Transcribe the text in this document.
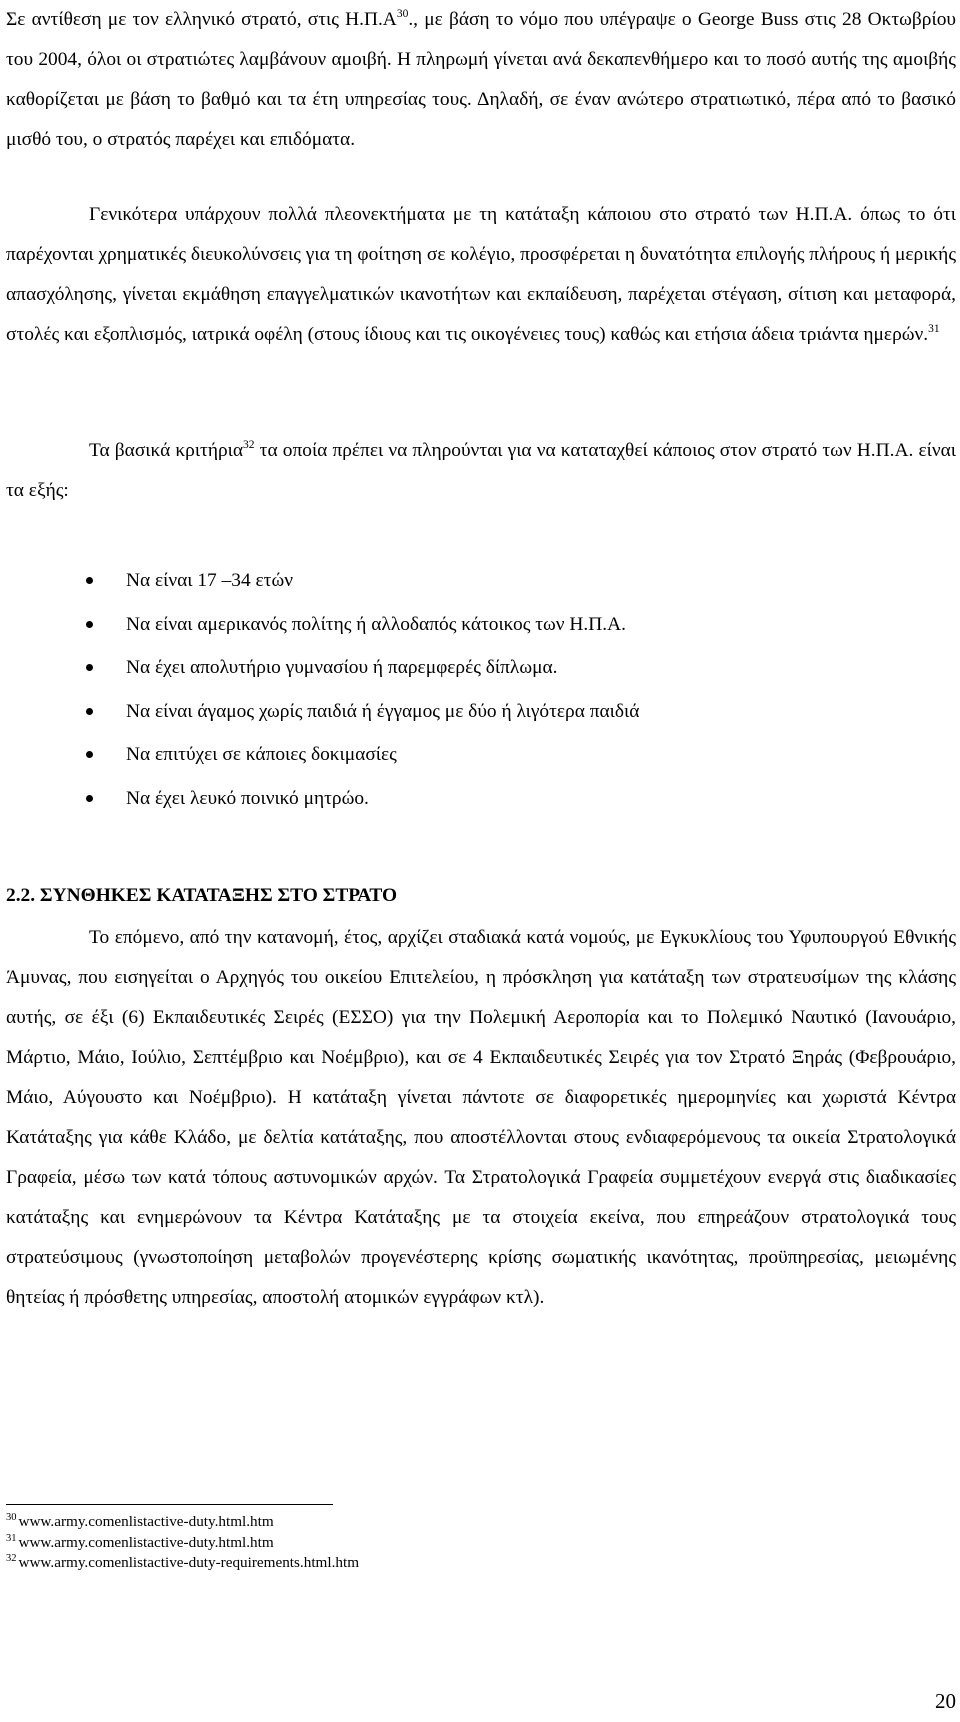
Σε αντίθεση με τον ελληνικό στρατό, στις $H.\Pi.A^{30}$., με βάση το νόμο που υπέγραψε ο George Buss στις 28 Οκτωβρίου του 2004, όλοι οι στρατιώτες λαμβάνουν αμοιβή. Η πληρωμή γίνεται ανά δεκαπενθήμερο και το ποσό αυτής της αμοιβής καθορίζεται με βάση το βαθμό και τα έτη υπηρεσίας τους. Δηλαδή, σε έναν ανώτερο στρατιωτικό, πέρα από το βασικό μισθό του, ο στρατός παρέχει και επιδόματα.

Γενικότερα υπάρχουν πολλά πλεονεκτήματα με τη κατάταξη κάποιου στο στρατό των Η.Π.Α. όπως το ότι παρέχονται χρηματικές διευκολύνσεις για τη φοίτηση σε κολέγιο, προσφέρεται η δυνατότητα επιλογής πλήρους ή μερικής απασχόλησης, γίνεται εκμάθηση επαγγελματικών ικανοτήτων και εκπαίδευση, παρέχεται στέγαση, σίτιση και μεταφορά, στολές και εξοπλισμός, ιατρικά οφέλη (στους ίδιους και τις οικογένειες τους) καθώς και ετήσια άδεια τριάντα ημερών.$^{31}$

Τα βασικά κριτήρια$^{32}$ τα οποία πρέπει να πληρούνται για να καταταχθεί κάποιος στον στρατό των Η.Π.Α. είναι τα εξής:

Να είναι 17 –34 ετών
Να είναι αμερικανός πολίτης ή αλλοδαπός κάτοικος των Η.Π.Α.
Να έχει απολυτήριο γυμνασίου ή παρεμφερές δίπλωμα.
Να είναι άγαμος χωρίς παιδιά ή έγγαμος με δύο ή λιγότερα παιδιά
Να επιτύχει σε κάποιες δοκιμασίες
Να έχει λευκό ποινικό μητρώο.
2.2. ΣΥΝΘΗΚΕΣ ΚΑΤΑΤΑΞΗΣ ΣΤΟ ΣΤΡΑΤΟ

Το επόμενο, από την κατανομή, έτος, αρχίζει σταδιακά κατά νομούς, με Εγκυκλίους του Υφυπουργού Εθνικής Άμυνας, που εισηγείται ο Αρχηγός του οικείου Επιτελείου, η πρόσκληση για κατάταξη των στρατευσίμων της κλάσης αυτής, σε έξι (6) Εκπαιδευτικές Σειρές (ΕΣΣΟ) για την Πολεμική Αεροπορία και το Πολεμικό Ναυτικό (Ιανουάριο, Μάρτιο, Μάιο, Ιούλιο, Σεπτέμβριο και Νοέμβριο), και σε 4 Εκπαιδευτικές Σειρές για τον Στρατό Ξηράς (Φεβρουάριο, Μάιο, Αύγουστο και Νοέμβριο). Η κατάταξη γίνεται πάντοτε σε διαφορετικές ημερομηνίες και χωριστά Κέντρα Κατάταξης για κάθε Κλάδο, με δελτία κατάταξης, που αποστέλλονται στους ενδιαφερόμενους τα οικεία Στρατολογικά Γραφεία, μέσω των κατά τόπους αστυνομικών αρχών. Τα Στρατολογικά Γραφεία συμμετέχουν ενεργά στις διαδικασίες κατάταξης και ενημερώνουν τα Κέντρα Κατάταξης με τα στοιχεία εκείνα, που επηρεάζουν στρατολογικά τους στρατεύσιμους (γνωστοποίηση μεταβολών προγενέστερης κρίσης σωματικής ικανότητας, προϋπηρεσίας, μειωμένης θητείας ή πρόσθετης υπηρεσίας, αποστολή ατομικών εγγράφων κτλ).

$^{30}$ www.army.comenlistactive-duty.html.htm
$^{31}$ www.army.comenlistactive-duty.html.htm
$^{32}$ www.army.comenlistactive-duty-requirements.html.htm
20
